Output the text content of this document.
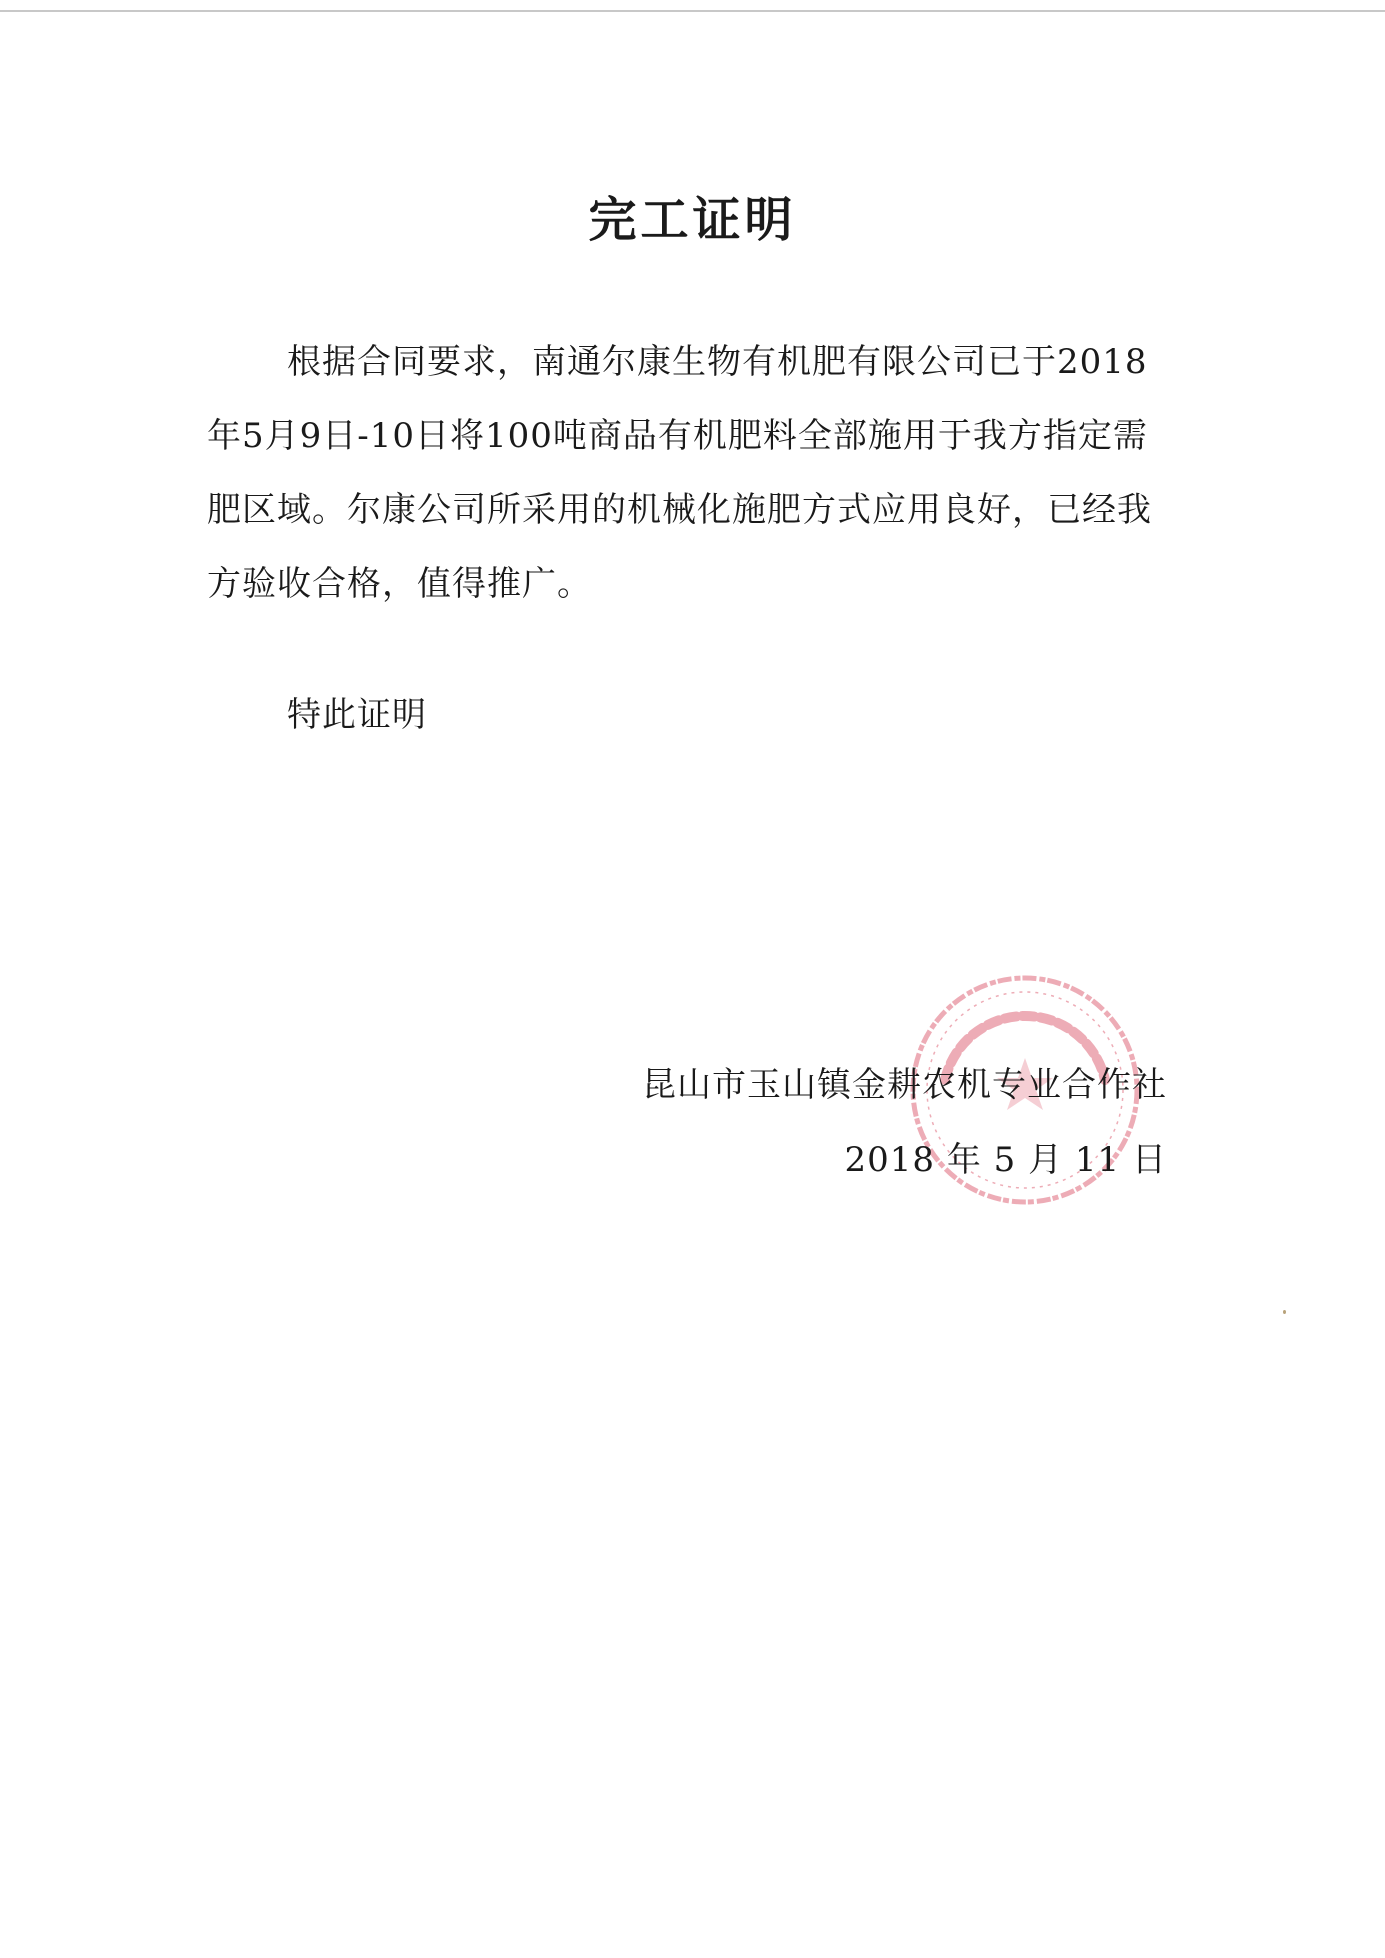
完工证明

根据合同要求，南通尔康生物有机肥有限公司已于2018年5月9日-10日将100吨商品有机肥料全部施用于我方指定需肥区域。尔康公司所采用的机械化施肥方式应用良好，已经我方验收合格，值得推广。

特此证明
昆山市玉山镇金耕农机专业合作社
2018 年 5 月 11 日
